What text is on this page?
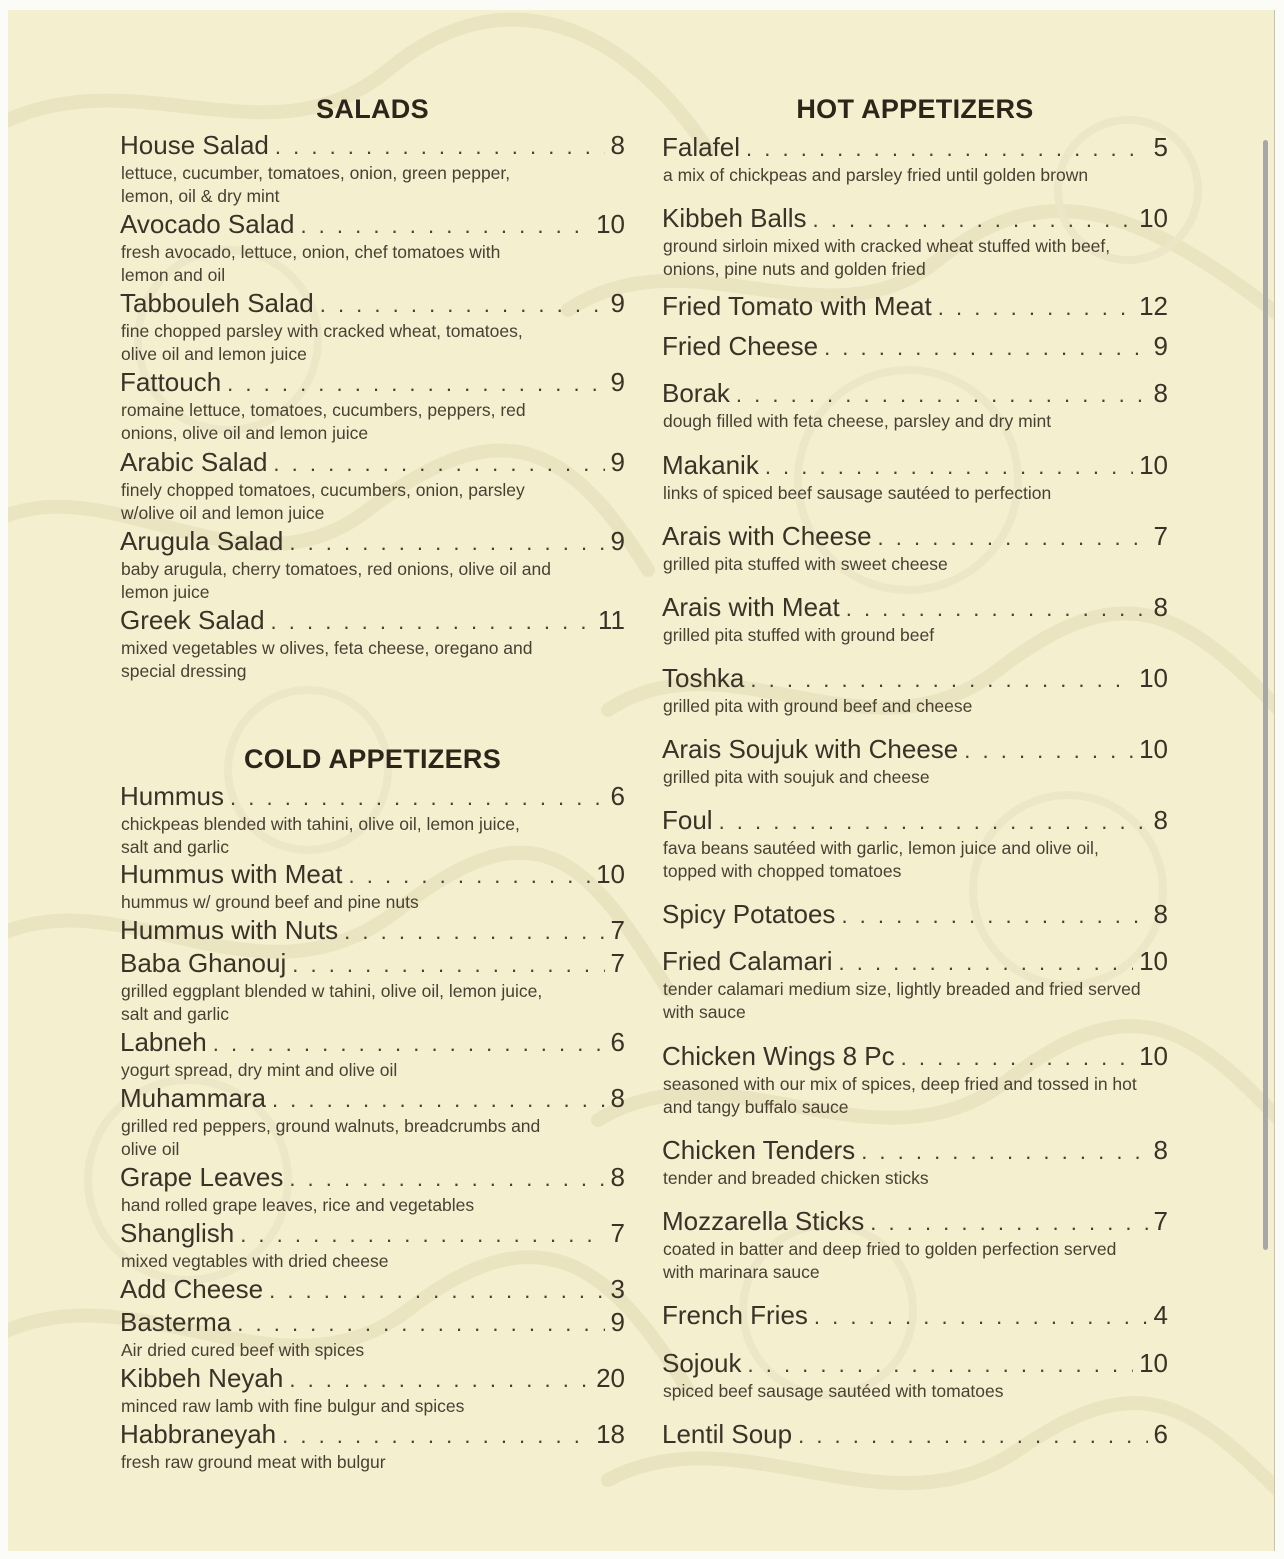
SALADS
House Salad . . .	8
lettuce, cucumber, tomatoes, onion, green pepper, lemon, oil & dry mint
Avocado Salad . . .	10
fresh avocado, lettuce, onion, chef tomatoes with lemon and oil
Tabbouleh Salad . . .	9
fine chopped parsley with cracked wheat, tomatoes, olive oil and lemon juice
Fattouch . . .	9
romaine lettuce, tomatoes, cucumbers, peppers, red onions, olive oil and lemon juice
Arabic Salad . . .	9
finely chopped tomatoes, cucumbers, onion, parsley w/olive oil and lemon juice
Arugula Salad . . .	9
baby arugula, cherry tomatoes, red onions, olive oil and lemon juice
Greek Salad . . .	11
mixed vegetables w olives, feta cheese, oregano and special dressing
COLD APPETIZERS
Hummus . . .	6
chickpeas blended with tahini, olive oil, lemon juice, salt and garlic
Hummus with Meat . . .	10
hummus w/ ground beef and pine nuts
Hummus with Nuts . . .	7
Baba Ghanouj . . .	7
grilled eggplant blended w tahini, olive oil, lemon juice, salt and garlic
Labneh . . .	6
yogurt spread, dry mint and olive oil
Muhammara . . .	8
grilled red peppers, ground walnuts, breadcrumbs and olive oil
Grape Leaves . . .	8
hand rolled grape leaves, rice and vegetables
Shanglish . . .	7
mixed vegtables with dried cheese
Add Cheese . . .	3
Basterma . . .	9
Air dried cured beef with spices
Kibbeh Neyah . . .	20
minced raw lamb with fine bulgur and spices
Habbraneyah . . .	18
fresh raw ground meat with bulgur
HOT APPETIZERS
Falafel . . .	5
a mix of chickpeas and parsley fried until golden brown
Kibbeh Balls . . .	10
ground sirloin mixed with cracked wheat stuffed with beef, onions, pine nuts and golden fried
Fried Tomato with Meat . . .	12
Fried Cheese . . .	9
Borak . . .	8
dough filled with feta cheese, parsley and dry mint
Makanik . . .	10
links of spiced beef sausage sautéed to perfection
Arais with Cheese . . .	7
grilled pita stuffed with sweet cheese
Arais with Meat . . .	8
grilled pita stuffed with ground beef
Toshka . . .	10
grilled pita with ground beef and cheese
Arais Soujuk with Cheese . . .	10
grilled pita with soujuk and cheese
Foul . . .	8
fava beans sautéed with garlic, lemon juice and olive oil, topped with chopped tomatoes
Spicy Potatoes . . .	8
Fried Calamari . . .	10
tender calamari medium size, lightly breaded and fried served with sauce
Chicken Wings 8 Pc . . .	10
seasoned with our mix of spices, deep fried and tossed in hot and tangy buffalo sauce
Chicken Tenders . . .	8
tender and breaded chicken sticks
Mozzarella Sticks . . .	7
coated in batter and deep fried to golden perfection served with marinara sauce
French Fries . . .	4
Sojouk . . .	10
spiced beef sausage sautéed with tomatoes
Lentil Soup . . .	6
